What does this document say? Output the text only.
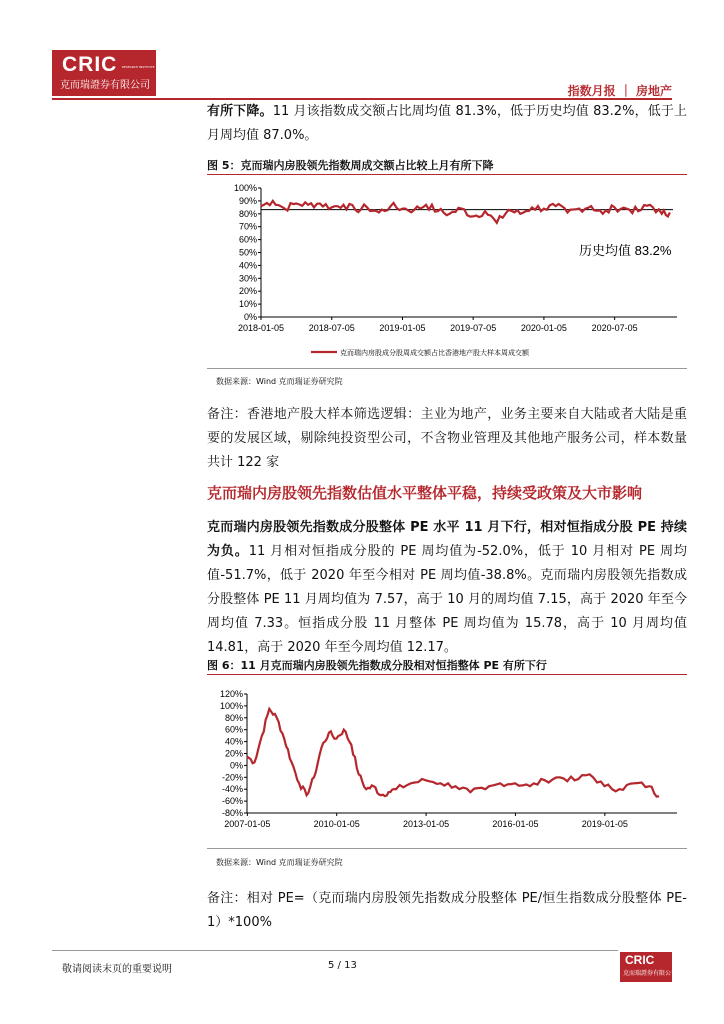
CRIC RESEARCH INSTITUTE
克而瑞證券有限公司	指数月报 ｜ 房地产
有所下降。11 月该指数成交额占比周均值 81.3%，低于历史均值 83.2%，低于上月周均值 87.0%。
图 5：克而瑞内房股领先指数周成交额占比较上月有所下降
0%
10%
20%
30%
40%
50%
60%
70%
80%
90%
100%
2018-01-05	2018-07-05	2019-01-05	2019-07-05	2020-01-05	2020-07-05
历史均值 83.2%
克而瑞内房股成分股周成交额占比香港地产股大样本周成交额
数据来源：Wind 克而瑞证券研究院
备注：香港地产股大样本筛选逻辑：主业为地产，业务主要来自大陆或者大陆是重要的发展区域，剔除纯投资型公司，不含物业管理及其他地产服务公司，样本数量共计 122 家
克而瑞内房股领先指数估值水平整体平稳，持续受政策及大市影响
克而瑞内房股领先指数成分股整体 PE 水平 11 月下行，相对恒指成分股 PE 持续为负。11 月相对恒指成分股的 PE 周均值为-52.0%，低于 10 月相对 PE 周均值-51.7%，低于 2020 年至今相对 PE 周均值-38.8%。克而瑞内房股领先指数成分股整体 PE 11 月周均值为 7.57，高于 10 月的周均值 7.15，高于 2020 年至今周均值 7.33。恒指成分股 11 月整体 PE 周均值为 15.78，高于 10 月周均值 14.81，高于 2020 年至今周均值 12.17。
图 6：11 月克而瑞内房股领先指数成分股相对恒指整体 PE 有所下行
-80%
-60%
-40%
-20%
0%
20%
40%
60%
80%
100%
120%
2007-01-05	2010-01-05	2013-01-05	2016-01-05	2019-01-05
数据来源：Wind 克而瑞证券研究院
备注：相对 PE=（克而瑞内房股领先指数成分股整体 PE/恒生指数成分股整体 PE-1）*100%
敬请阅读末页的重要说明	5 / 13	CRIC
克而瑞證券有限公司
